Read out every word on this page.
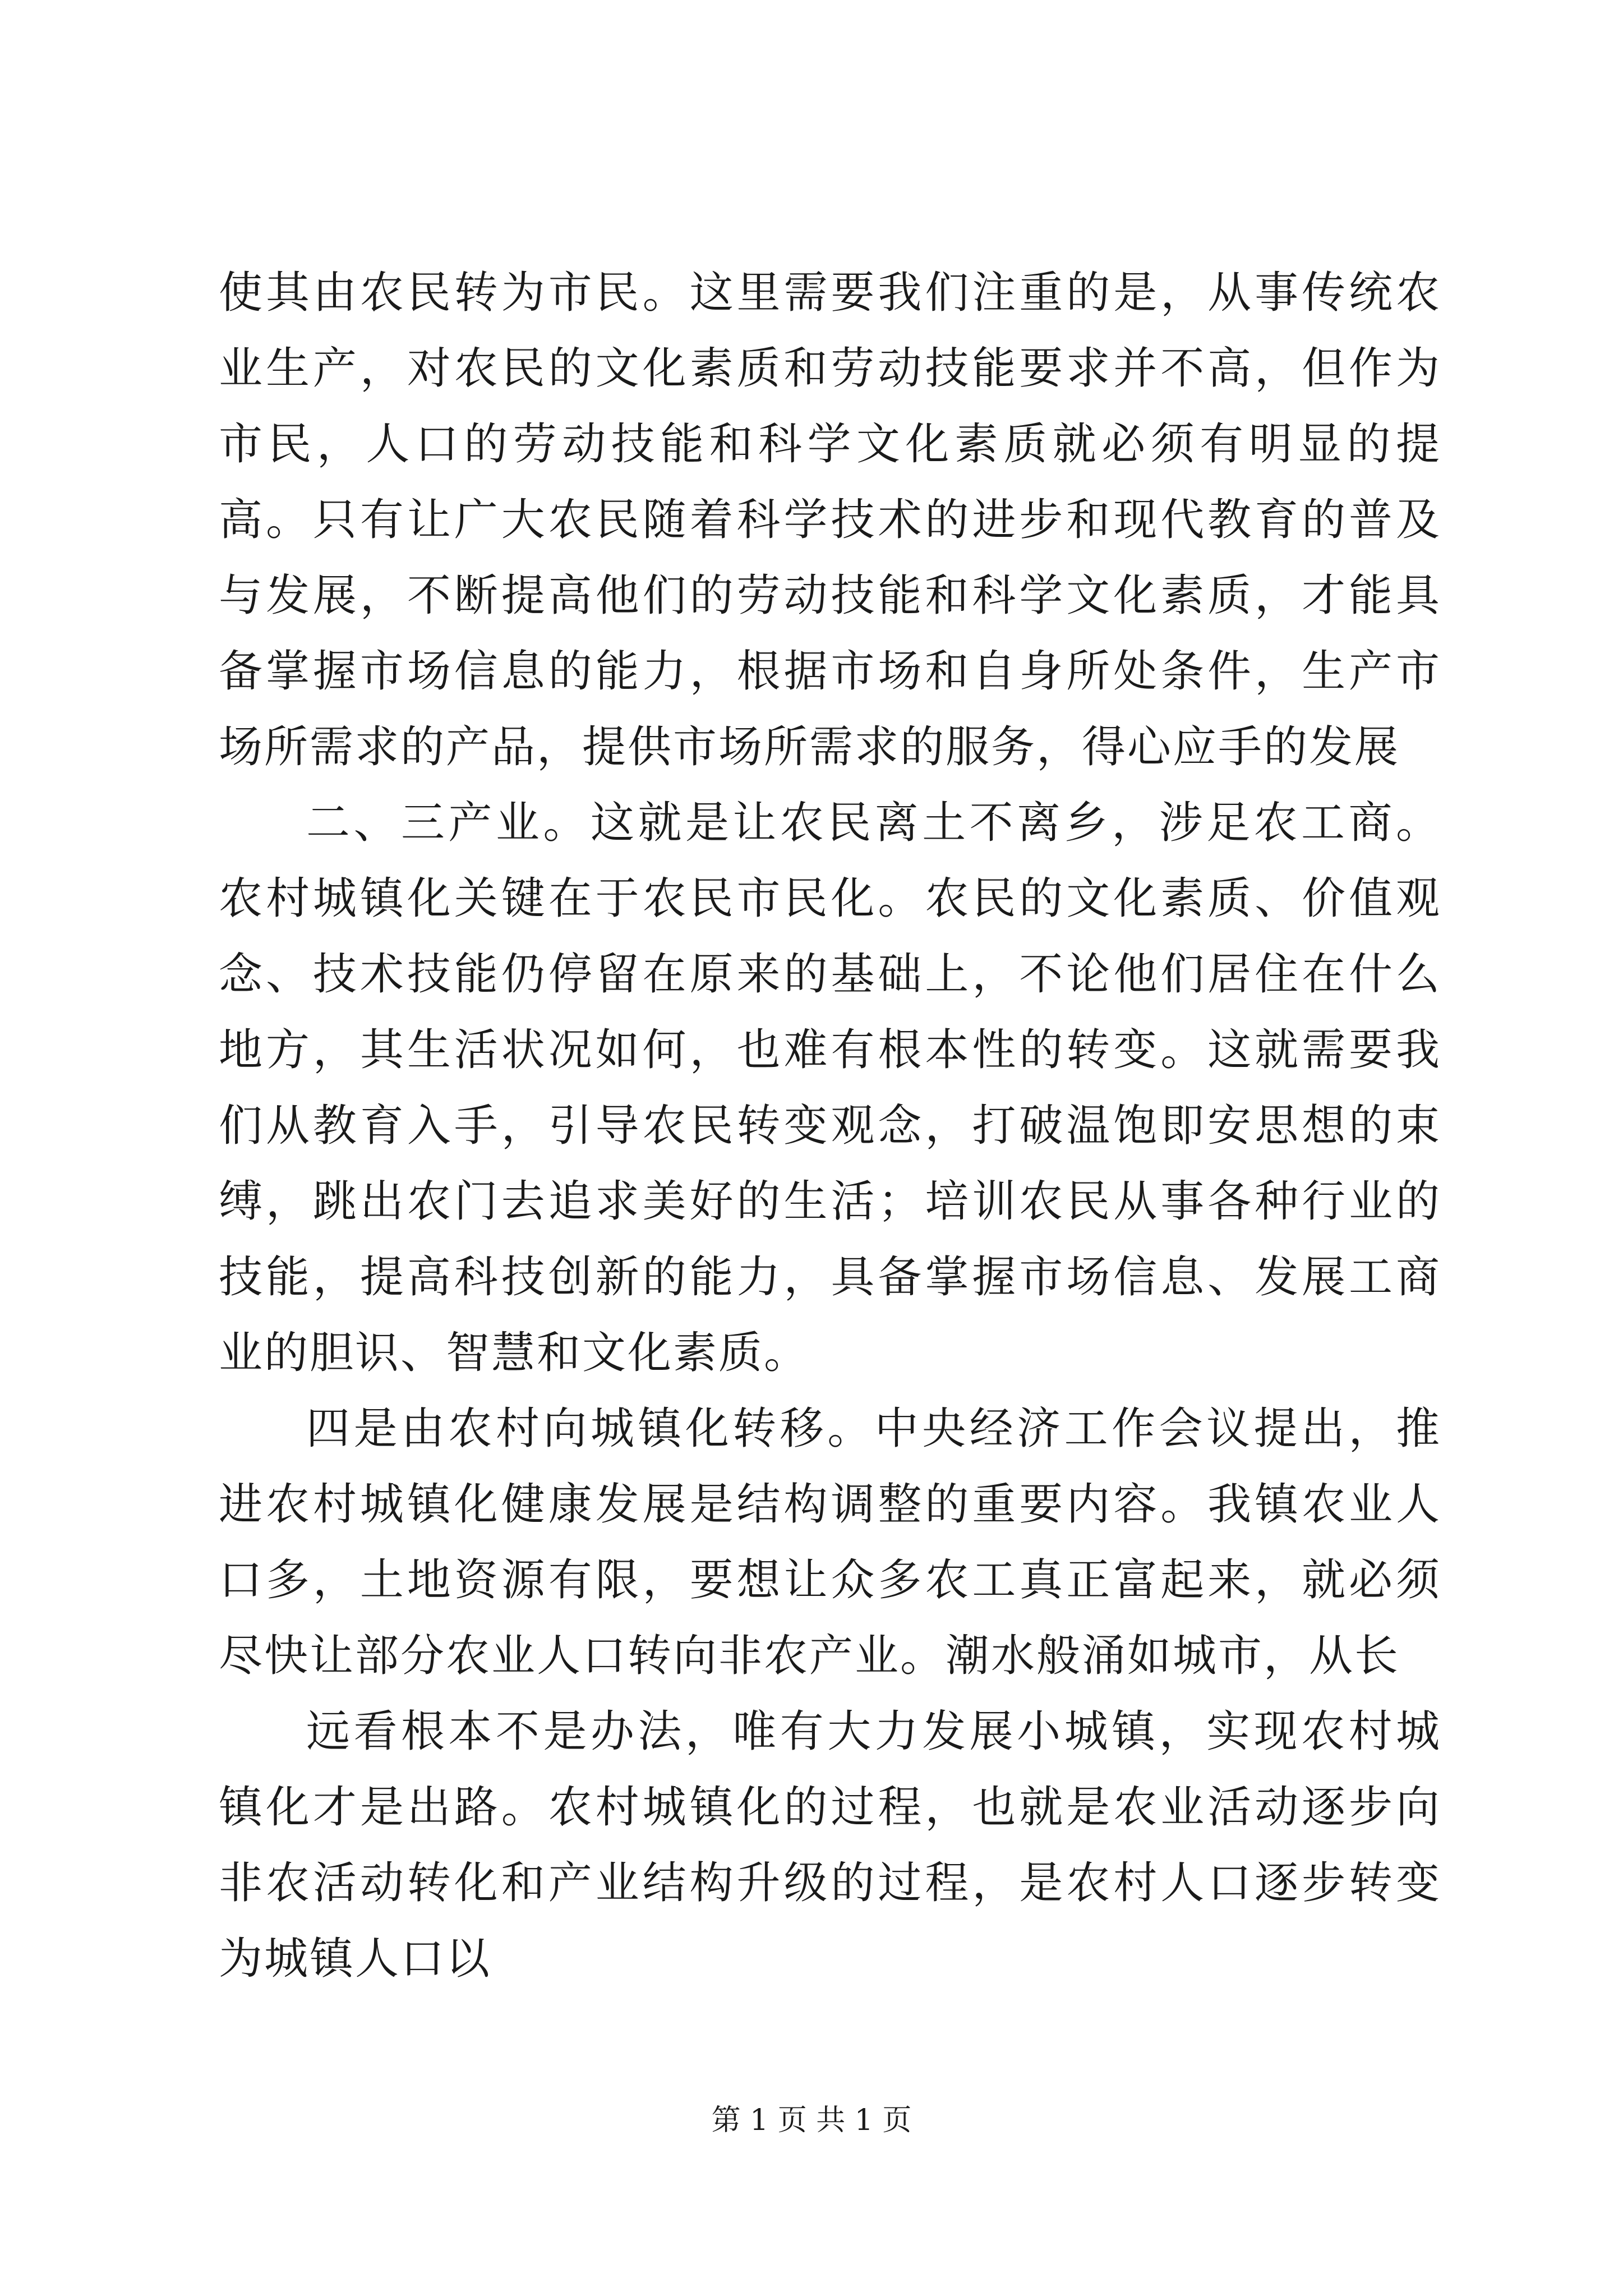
使其由农民转为市民。这里需要我们注重的是，从事传统农业生产，对农民的文化素质和劳动技能要求并不高，但作为市民，人口的劳动技能和科学文化素质就必须有明显的提高。只有让广大农民随着科学技术的进步和现代教育的普及与发展，不断提高他们的劳动技能和科学文化素质，才能具备掌握市场信息的能力，根据市场和自身所处条件，生产市场所需求的产品，提供市场所需求的服务，得心应手的发展

二、三产业。这就是让农民离土不离乡，涉足农工商。农村城镇化关键在于农民市民化。农民的文化素质、价值观念、技术技能仍停留在原来的基础上，不论他们居住在什么地方，其生活状况如何，也难有根本性的转变。这就需要我们从教育入手，引导农民转变观念，打破温饱即安思想的束缚，跳出农门去追求美好的生活；培训农民从事各种行业的技能，提高科技创新的能力，具备掌握市场信息、发展工商业的胆识、智慧和文化素质。

四是由农村向城镇化转移。中央经济工作会议提出，推进农村城镇化健康发展是结构调整的重要内容。我镇农业人口多，土地资源有限，要想让众多农工真正富起来，就必须尽快让部分农业人口转向非农产业。潮水般涌如城市，从长

远看根本不是办法，唯有大力发展小城镇，实现农村城镇化才是出路。农村城镇化的过程，也就是农业活动逐步向非农活动转化和产业结构升级的过程，是农村人口逐步转变为城镇人口以

第 1 页 共 1 页
